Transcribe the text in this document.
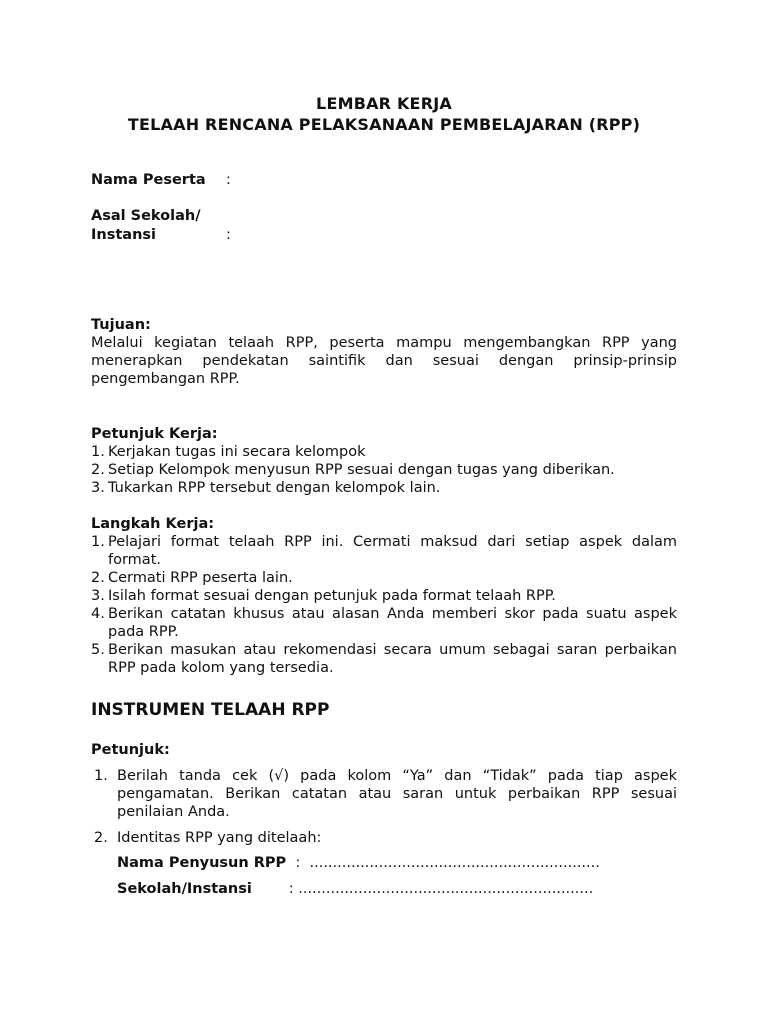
LEMBAR KERJA
TELAAH RENCANA PELAKSANAAN PEMBELAJARAN (RPP)
Nama Peserta :
Asal Sekolah/
Instansi	:
Tujuan:
Melalui kegiatan telaah RPP, peserta mampu mengembangkan RPP yang menerapkan pendekatan saintifik dan sesuai dengan prinsip-prinsip pengembangan RPP.
Petunjuk Kerja:
1. Kerjakan tugas ini secara kelompok
2. Setiap Kelompok menyusun RPP sesuai dengan tugas yang diberikan.
3. Tukarkan RPP tersebut dengan kelompok lain.
Langkah Kerja:
1. Pelajari format telaah RPP ini. Cermati maksud dari setiap aspek dalam format.
2. Cermati RPP peserta lain.
3. Isilah format sesuai dengan petunjuk pada format telaah RPP.
4. Berikan catatan khusus atau alasan Anda memberi skor pada suatu aspek pada RPP.
5. Berikan masukan atau rekomendasi secara umum sebagai saran perbaikan RPP pada kolom yang tersedia.
INSTRUMEN TELAAH RPP
Petunjuk:
1. Berilah tanda cek (√) pada kolom “Ya” dan “Tidak” pada tiap aspek pengamatan. Berikan catatan atau saran untuk perbaikan RPP sesuai penilaian Anda.
2. Identitas RPP yang ditelaah:
Nama Penyusun RPP  :  ...............................................................
Sekolah/Instansi        : ................................................................
